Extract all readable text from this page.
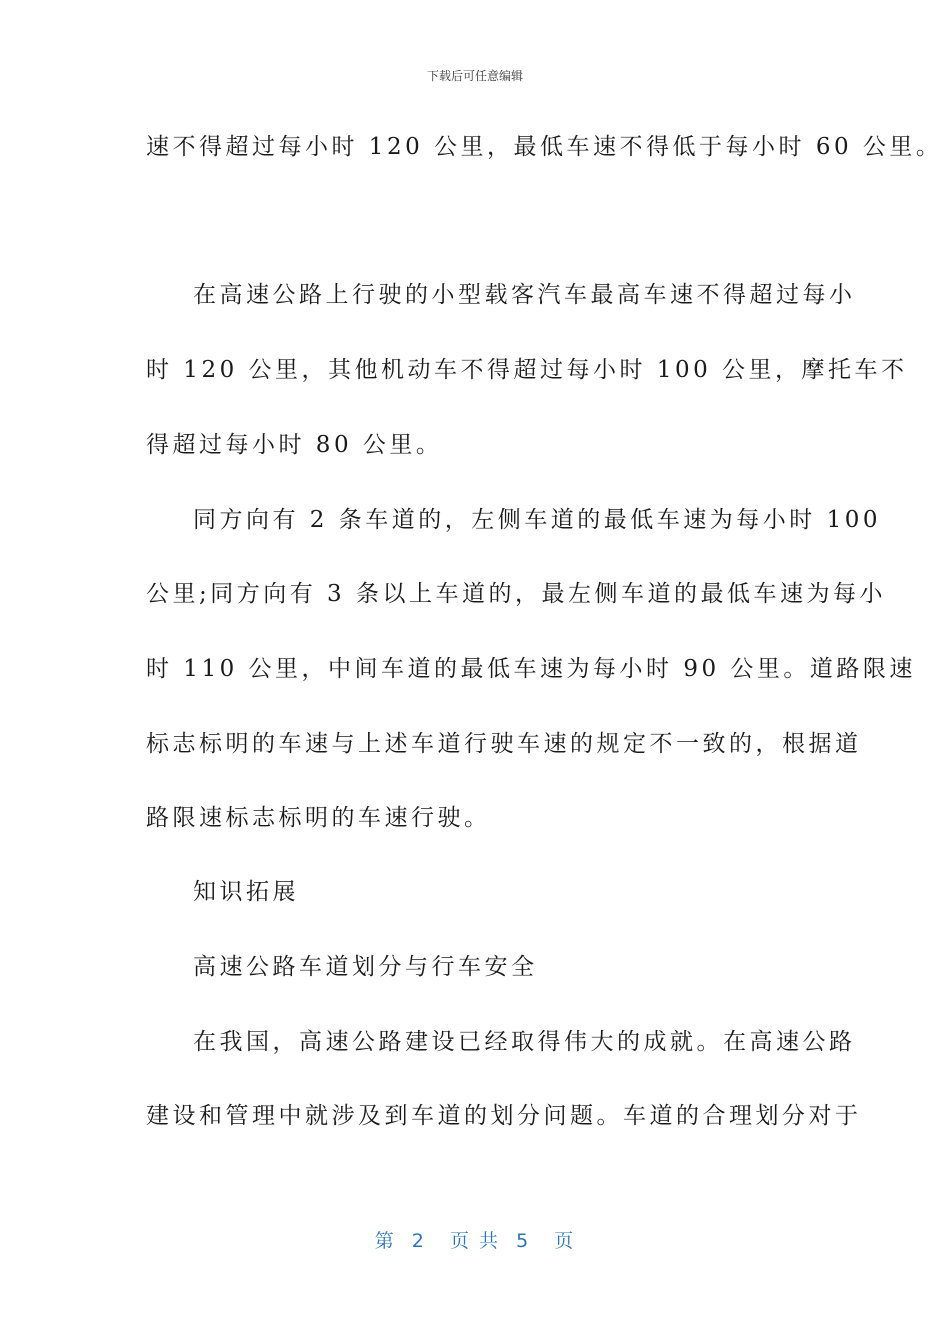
下载后可任意编辑
速不得超过每小时 120 公里，最低车速不得低于每小时 60 公里。
在高速公路上行驶的小型载客汽车最高车速不得超过每小
时 120 公里，其他机动车不得超过每小时 100 公里，摩托车不
得超过每小时 80 公里。
同方向有 2 条车道的，左侧车道的最低车速为每小时 100
公里;同方向有 3 条以上车道的，最左侧车道的最低车速为每小
时 110 公里，中间车道的最低车速为每小时 90 公里。道路限速
标志标明的车速与上述车道行驶车速的规定不一致的，根据道
路限速标志标明的车速行驶。
知识拓展
高速公路车道划分与行车安全
在我国，高速公路建设已经取得伟大的成就。在高速公路
建设和管理中就涉及到车道的划分问题。车道的合理划分对于
第  2   页 共  5   页
